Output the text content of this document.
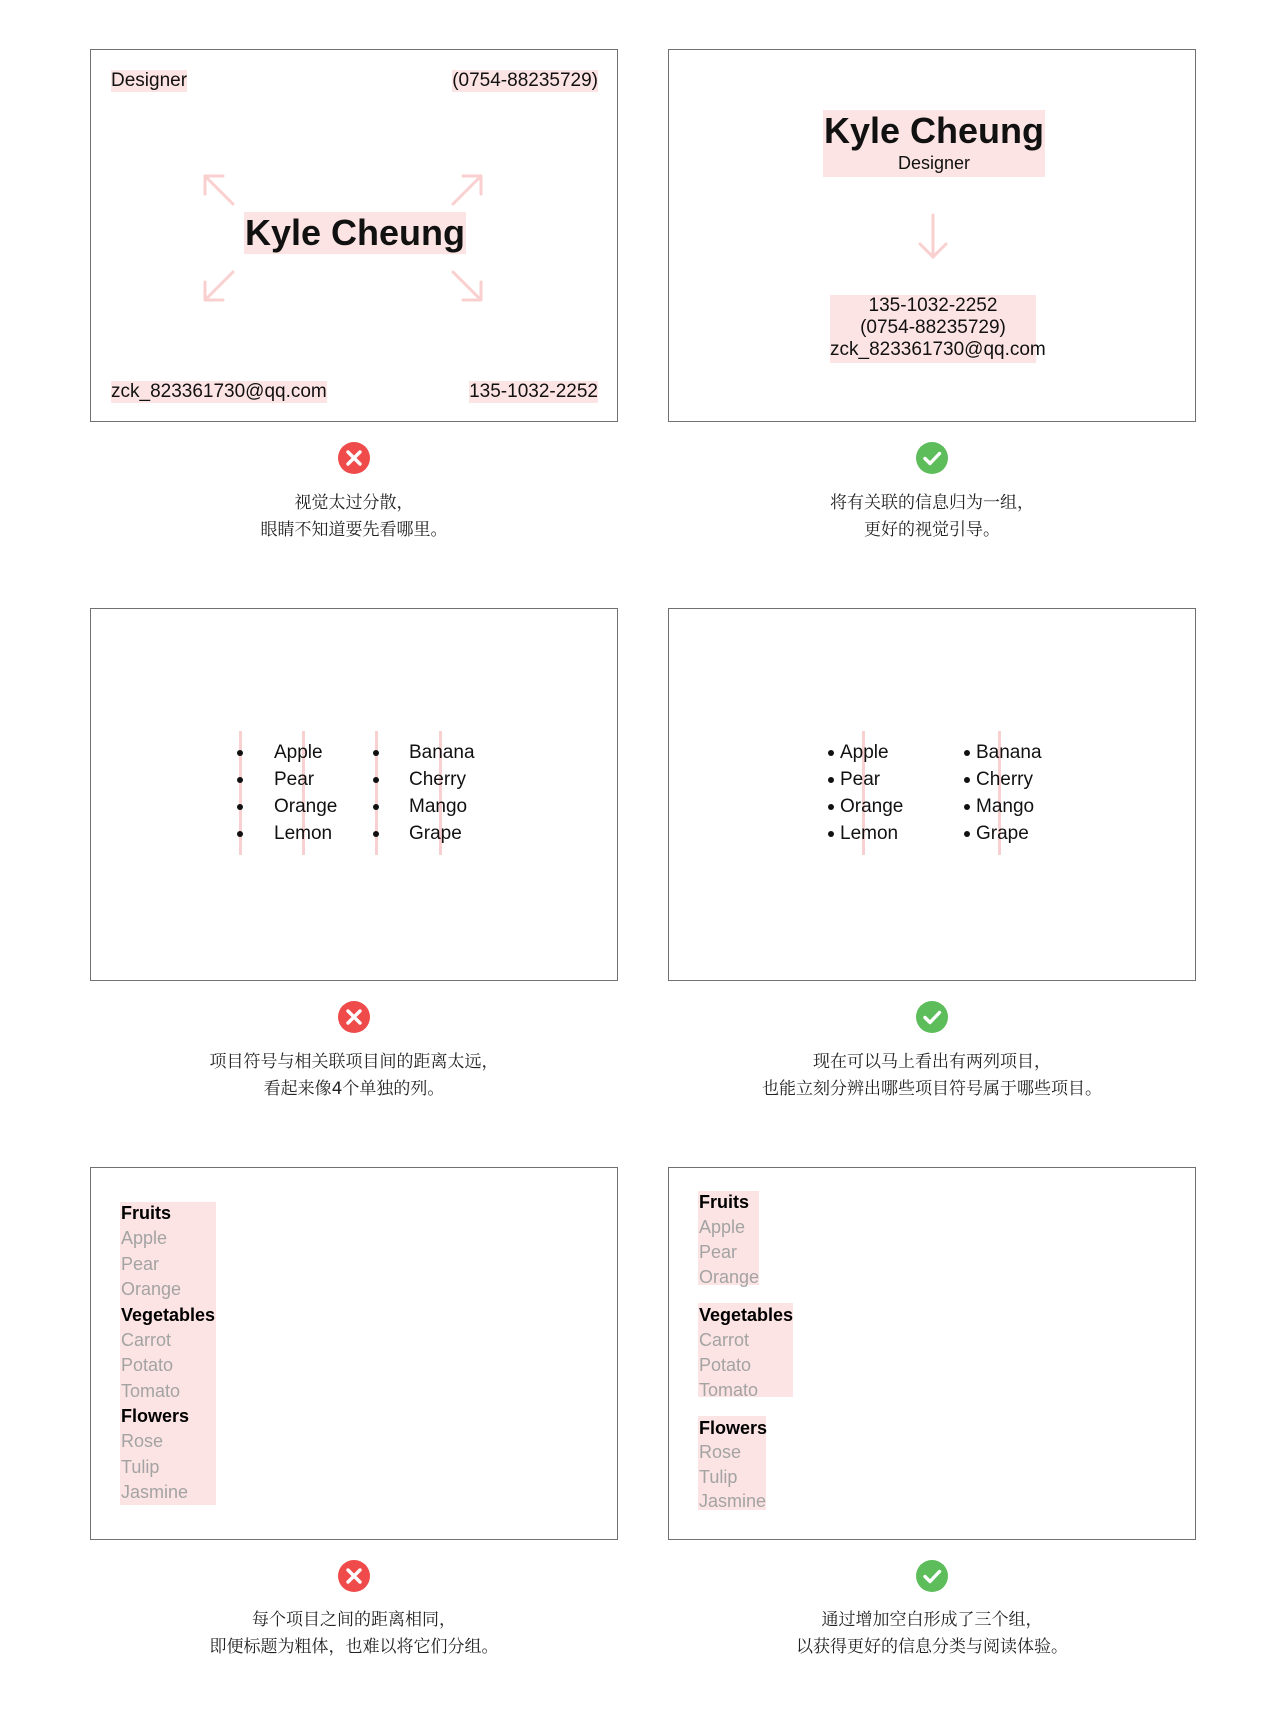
Designer	(0754-88235729)
Kyle Cheung
zck_823361730@qq.com	135-1032-2252
Kyle Cheung
Designer
135-1032-2252
(0754-88235729)
zck_823361730@qq.com
视觉太过分散，
眼睛不知道要先看哪里。
将有关联的信息归为一组，
更好的视觉引导。
Apple
Pear
Orange
Lemon
Banana
Cherry
Mango
Grape
Apple
Pear
Orange
Lemon
Banana
Cherry
Mango
Grape
项目符号与相关联项目间的距离太远，
看起来像4个单独的列。
现在可以马上看出有两列项目，
也能立刻分辨出哪些项目符号属于哪些项目。
Fruits
Apple
Pear
Orange
Vegetables
Carrot
Potato
Tomato
Flowers
Rose
Tulip
Jasmine
Fruits
Apple
Pear
Orange
Vegetables
Carrot
Potato
Tomato
Flowers
Rose
Tulip
Jasmine
每个项目之间的距离相同，
即便标题为粗体，也难以将它们分组。
通过增加空白形成了三个组，
以获得更好的信息分类与阅读体验。
